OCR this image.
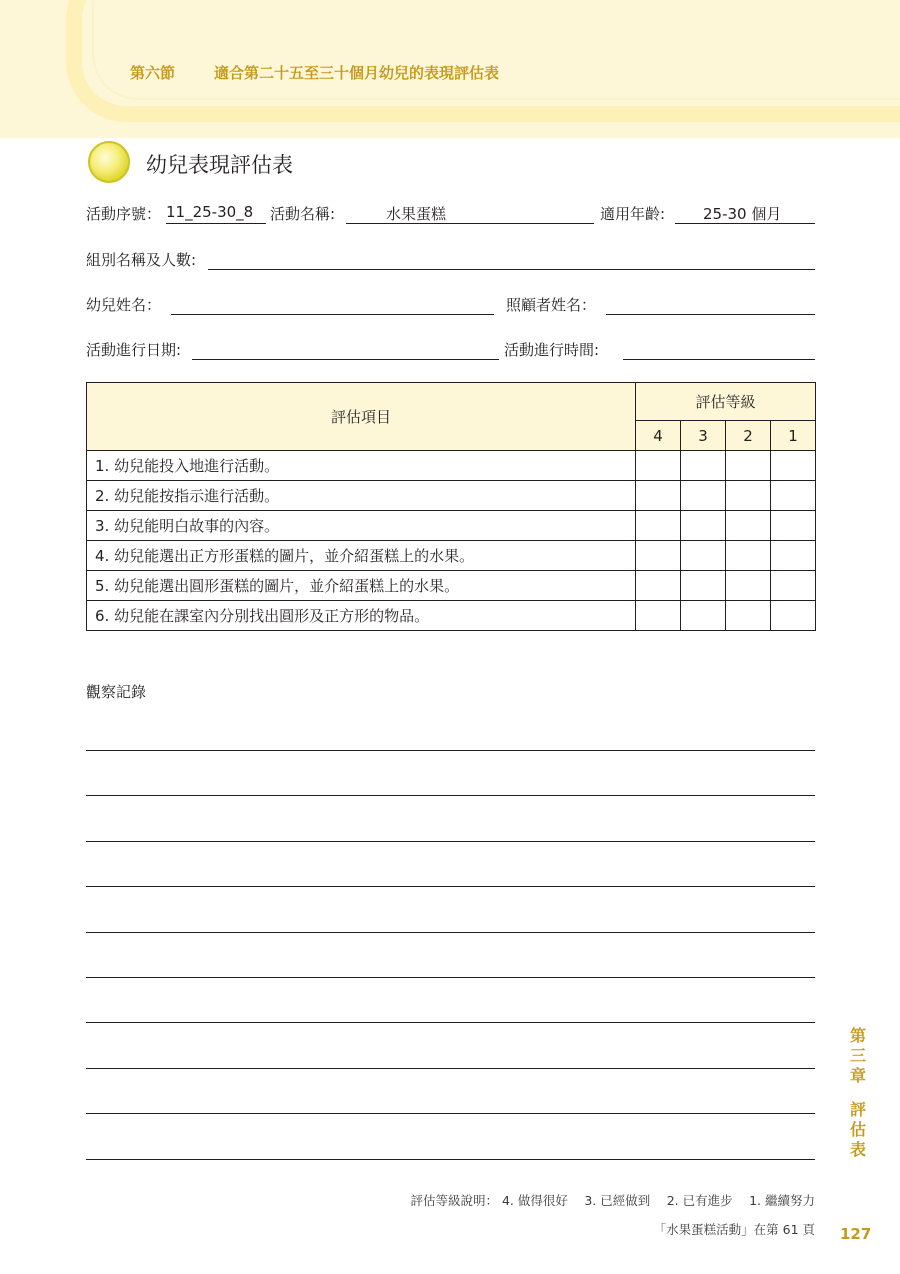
第六節	適合第二十五至三十個月幼兒的表現評估表
幼兒表現評估表
活動序號： 11_25-30_8	活動名稱:	水果蛋糕	適用年齡:	25-30 個月
組別名稱及人數:
幼兒姓名：	照顧者姓名：
活動進行日期:	活動進行時間:
評估項目	評估等級			
	4	3	2	1
1. 幼兒能投入地進行活動。				
2. 幼兒能按指示進行活動。				
3. 幼兒能明白故事的內容。				
4. 幼兒能選出正方形蛋糕的圖片，並介紹蛋糕上的水果。				
5. 幼兒能選出圓形蛋糕的圖片，並介紹蛋糕上的水果。				
6. 幼兒能在課室內分別找出圓形及正方形的物品。				
觀察記錄
第三章
評估表
評估等級說明： 4. 做得很好　 3. 已經做到　 2. 已有進步　 1. 繼續努力
「水果蛋糕活動」在第 61 頁 127
